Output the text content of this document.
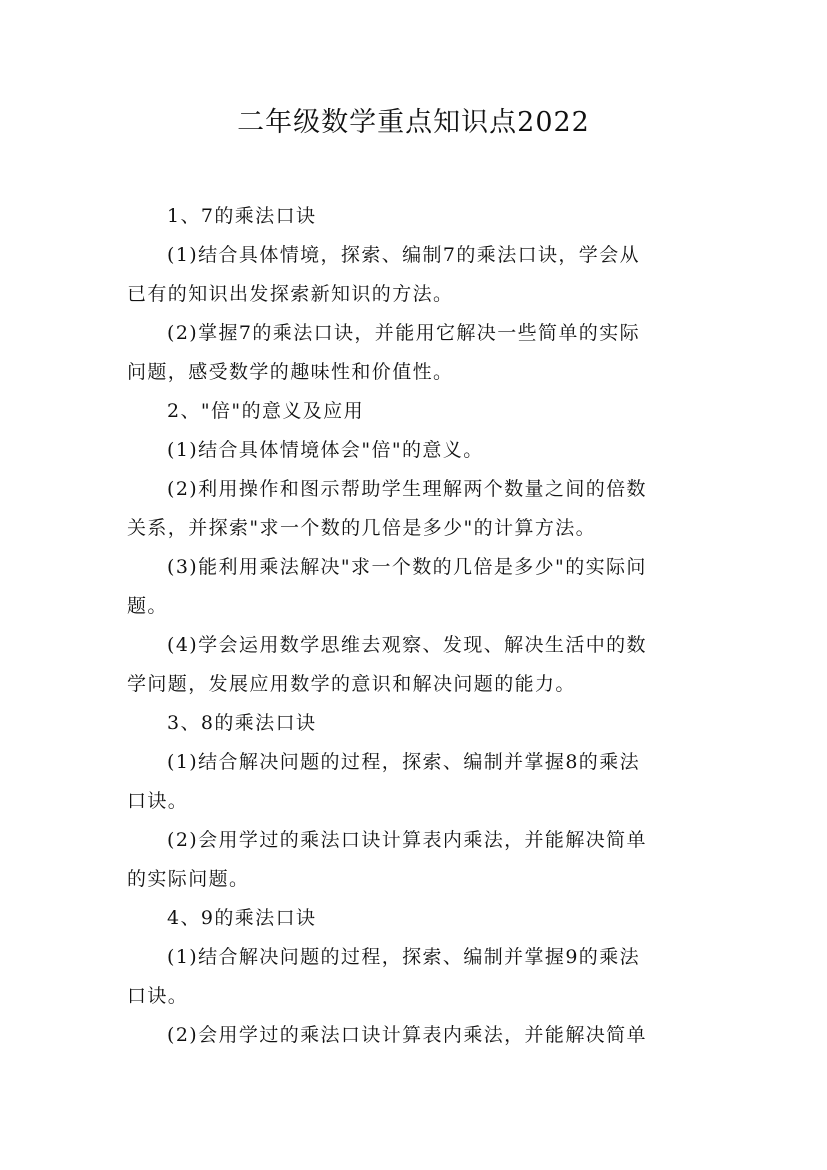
二年级数学重点知识点2022

1、7的乘法口诀

(1)结合具体情境，探索、编制7的乘法口诀，学会从

已有的知识出发探索新知识的方法。

(2)掌握7的乘法口诀，并能用它解决一些简单的实际

问题，感受数学的趣味性和价值性。

2、"倍"的意义及应用

(1)结合具体情境体会"倍"的意义。

(2)利用操作和图示帮助学生理解两个数量之间的倍数

关系，并探索"求一个数的几倍是多少"的计算方法。

(3)能利用乘法解决"求一个数的几倍是多少"的实际问

题。

(4)学会运用数学思维去观察、发现、解决生活中的数

学问题，发展应用数学的意识和解决问题的能力。

3、8的乘法口诀

(1)结合解决问题的过程，探索、编制并掌握8的乘法

口诀。

(2)会用学过的乘法口诀计算表内乘法，并能解决简单

的实际问题。

4、9的乘法口诀

(1)结合解决问题的过程，探索、编制并掌握9的乘法

口诀。

(2)会用学过的乘法口诀计算表内乘法，并能解决简单
